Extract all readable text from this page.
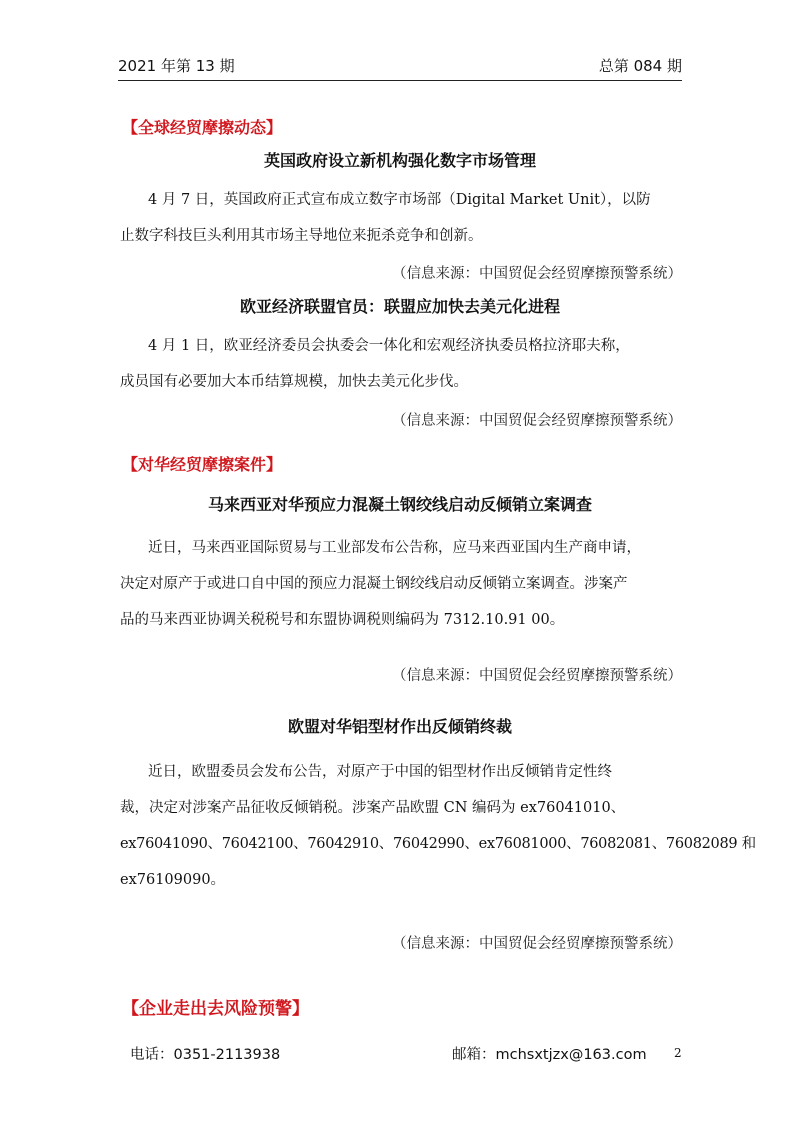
2021 年第 13 期	总第 084 期
【全球经贸摩擦动态】
英国政府设立新机构强化数字市场管理
4 月 7 日，英国政府正式宣布成立数字市场部（Digital Market Unit），以防
止数字科技巨头利用其市场主导地位来扼杀竞争和创新。
（信息来源：中国贸促会经贸摩擦预警系统）
欧亚经济联盟官员：联盟应加快去美元化进程
4 月 1 日，欧亚经济委员会执委会一体化和宏观经济执委员格拉济耶夫称，
成员国有必要加大本币结算规模，加快去美元化步伐。
（信息来源：中国贸促会经贸摩擦预警系统）
【对华经贸摩擦案件】
马来西亚对华预应力混凝土钢绞线启动反倾销立案调查
近日，马来西亚国际贸易与工业部发布公告称，应马来西亚国内生产商申请，
决定对原产于或进口自中国的预应力混凝土钢绞线启动反倾销立案调查。涉案产
品的马来西亚协调关税税号和东盟协调税则编码为 7312.10.91 00。
（信息来源：中国贸促会经贸摩擦预警系统）
欧盟对华铝型材作出反倾销终裁
近日，欧盟委员会发布公告，对原产于中国的铝型材作出反倾销肯定性终
裁，决定对涉案产品征收反倾销税。涉案产品欧盟 CN 编码为 ex76041010、
ex76041090、76042100、76042910、76042990、ex76081000、76082081、76082089 和
ex76109090。
（信息来源：中国贸促会经贸摩擦预警系统）
【企业走出去风险预警】
电话：0351-2113938	邮箱：mchsxtjzx@163.com 2
